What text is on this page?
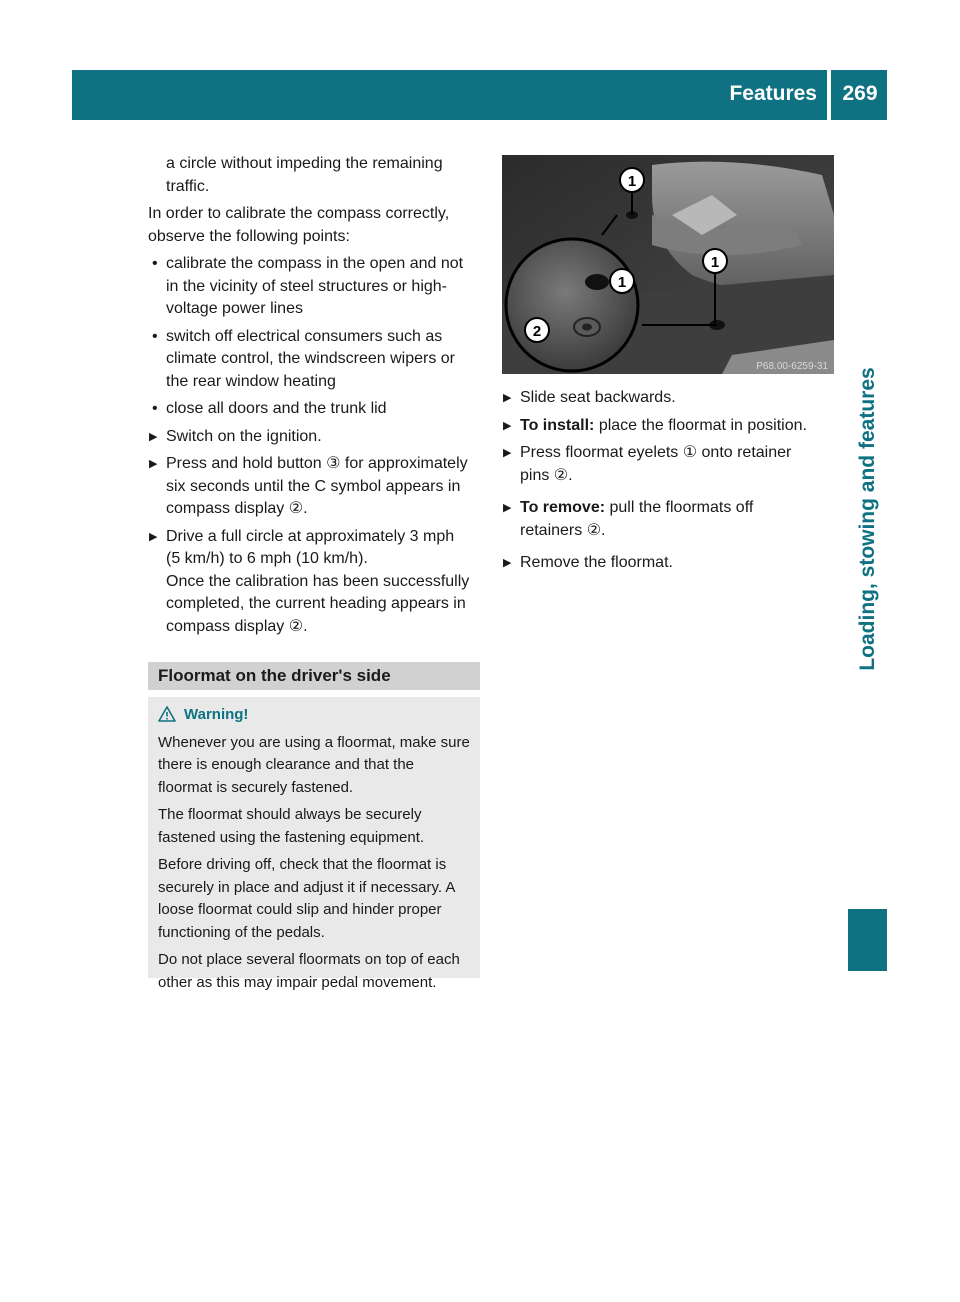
Features	269
Loading, stowing and features

a circle without impeding the remaining

traffic.

In order to calibrate the compass correctly,

observe the following points:

• calibrate the compass in the open and not

in the vicinity of steel structures or high-

voltage power lines

• switch off electrical consumers such as

climate control, the windscreen wipers or

the rear window heating

• close all doors and the trunk lid

▶ Switch on the ignition.

▶ Press and hold button ③ for approximately

six seconds until the C symbol appears in

compass display ②.

▶ Drive a full circle at approximately 3 mph

(5 km/h) to 6 mph (10 km/h).

Once the calibration has been successfully

completed, the current heading appears in

compass display ②.

Floormat on the driver's side
Warning!

Whenever you are using a floormat, make sure
there is enough clearance and that the
floormat is securely fastened.

The floormat should always be securely
fastened using the fastening equipment.

Before driving off, check that the floormat is
securely in place and adjust it if necessary. A
loose floormat could slip and hinder proper
functioning of the pedals.

Do not place several floormats on top of each
other as this may impair pedal movement.

1
1
1
2
P68.00-6259-31
▶ Slide seat backwards.

▶ To install: place the floormat in position.

▶ Press floormat eyelets ① onto retainer

pins ②.

▶ To remove: pull the floormats off

retainers ②.

▶ Remove the floormat.
